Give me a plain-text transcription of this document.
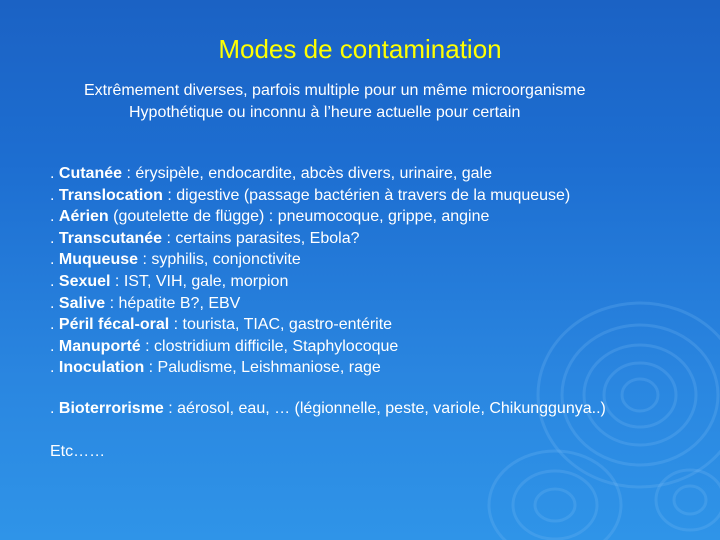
Modes de contamination
Extrêmement diverses, parfois multiple pour un même microorganisme
Hypothétique ou inconnu à l’heure actuelle pour certain
. Cutanée : érysipèle, endocardite, abcès divers, urinaire, gale
. Translocation : digestive (passage bactérien à travers de la muqueuse)
. Aérien (goutelette de flügge) : pneumocoque, grippe, angine
. Transcutanée : certains parasites, Ebola?
. Muqueuse : syphilis, conjonctivite
. Sexuel : IST, VIH, gale, morpion
. Salive : hépatite B?, EBV
. Péril fécal-oral : tourista, TIAC, gastro-entérite
. Manuporté : clostridium difficile, Staphylocoque
. Inoculation : Paludisme, Leishmaniose, rage
. Bioterrorisme : aérosol, eau, … (légionnelle, peste, variole, Chikunggunya..)
Etc……
